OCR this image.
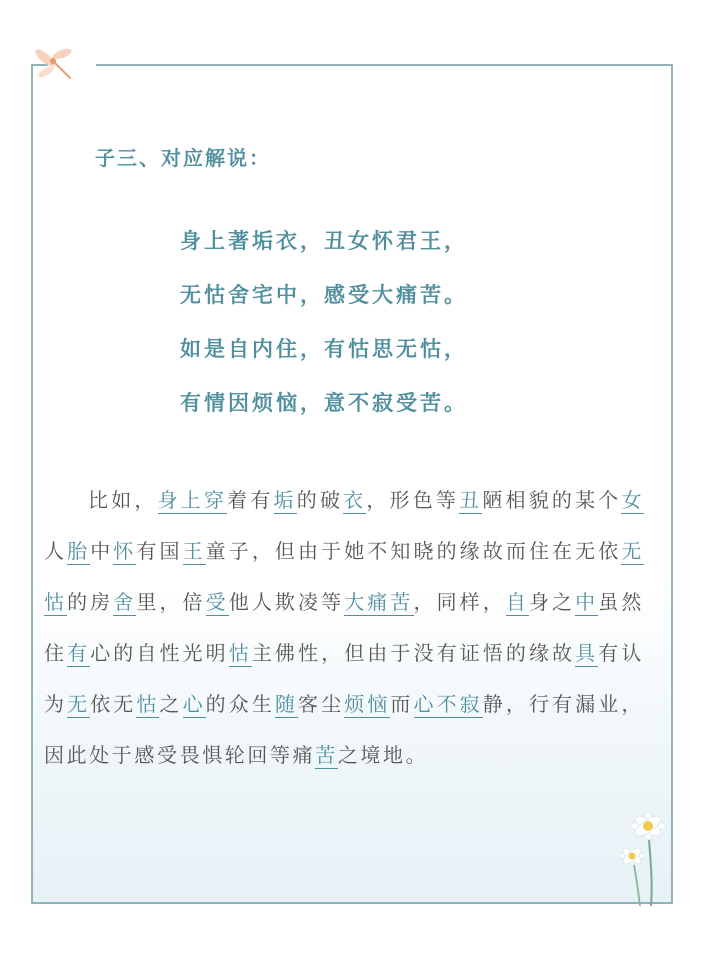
子三、对应解说：
身上著垢衣，丑女怀君王，
无怙舍宅中，感受大痛苦。
如是自内住，有怙思无怙，
有情因烦恼，意不寂受苦。

比如，身上穿着有垢的破衣，形色等丑陋相貌的某个女人胎中怀有国王童子，但由于她不知晓的缘故而住在无依无怙的房舍里，倍受他人欺凌等大痛苦，同样，自身之中虽然住有心的自性光明怙主佛性，但由于没有证悟的缘故具有认为无依无怙之心的众生随客尘烦恼而心不寂静，行有漏业，因此处于感受畏惧轮回等痛苦之境地。
